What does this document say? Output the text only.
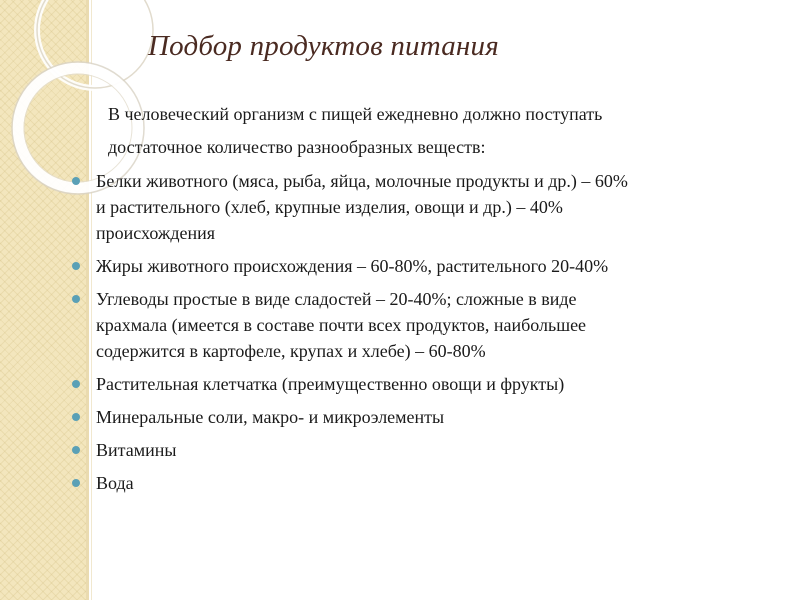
Подбор продуктов питания

В человеческий организм с пищей ежедневно должно поступать

достаточное количество разнообразных веществ:

Белки животного (мяса, рыба, яйца, молочные продукты и др.) – 60%
и растительного (хлеб, крупные изделия, овощи и др.) – 40%
происхождения
Жиры животного происхождения – 60-80%, растительного 20-40%
Углеводы простые в виде сладостей – 20-40%; сложные в виде
крахмала (имеется в составе почти всех продуктов, наибольшее
содержится в картофеле, крупах и хлебе) – 60-80%
Растительная клетчатка (преимущественно овощи и фрукты)
Минеральные соли, макро- и микроэлементы
Витамины
Вода
